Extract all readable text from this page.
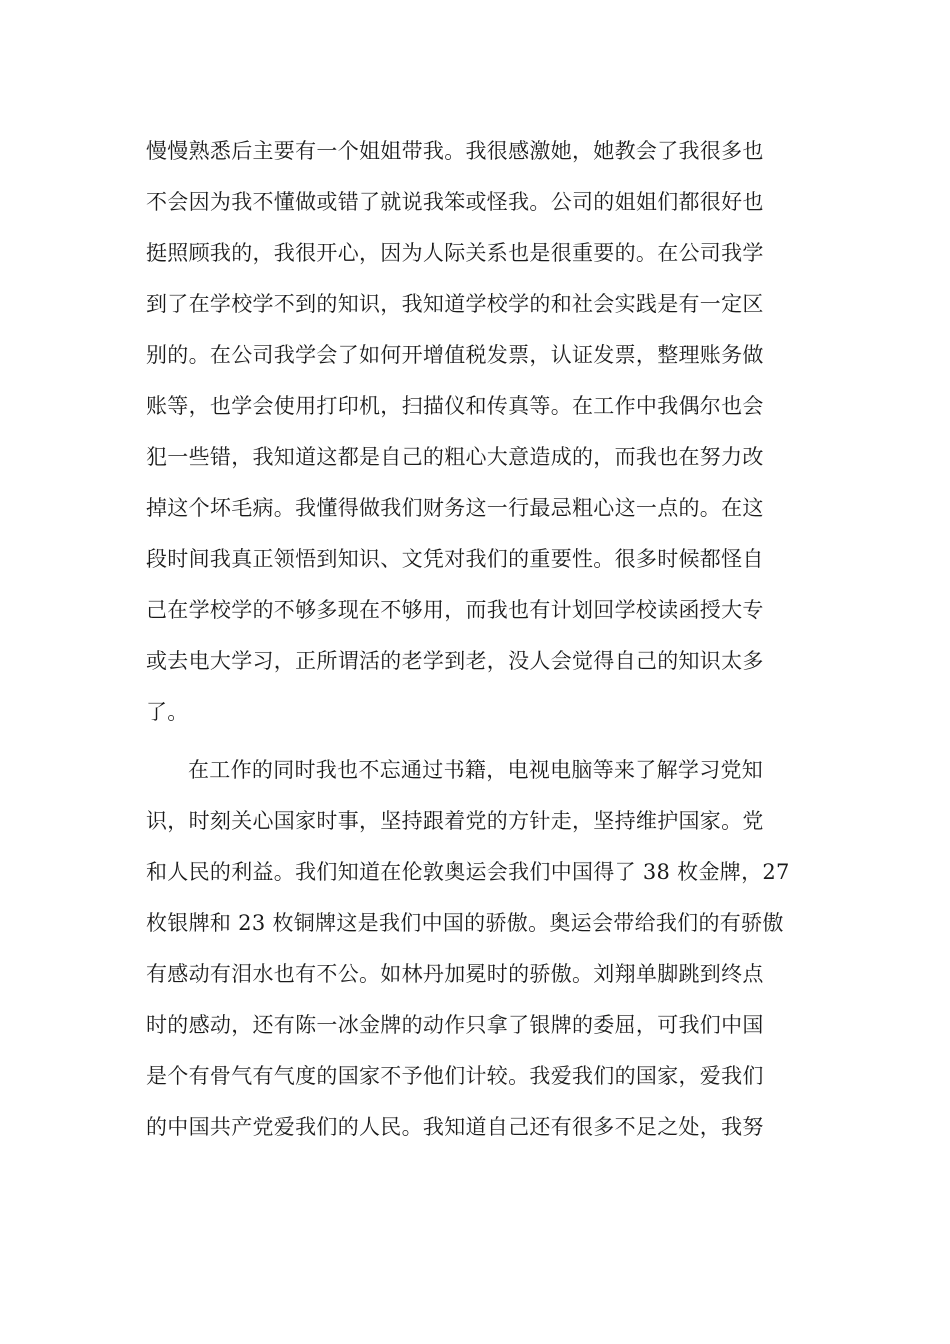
慢慢熟悉后主要有一个姐姐带我。我很感激她，她教会了我很多也
不会因为我不懂做或错了就说我笨或怪我。公司的姐姐们都很好也
挺照顾我的，我很开心，因为人际关系也是很重要的。在公司我学
到了在学校学不到的知识，我知道学校学的和社会实践是有一定区
别的。在公司我学会了如何开增值税发票，认证发票，整理账务做
账等，也学会使用打印机，扫描仪和传真等。在工作中我偶尔也会
犯一些错，我知道这都是自己的粗心大意造成的，而我也在努力改
掉这个坏毛病。我懂得做我们财务这一行最忌粗心这一点的。在这
段时间我真正领悟到知识、文凭对我们的重要性。很多时候都怪自
己在学校学的不够多现在不够用，而我也有计划回学校读函授大专
或去电大学习，正所谓活的老学到老，没人会觉得自己的知识太多
了。
在工作的同时我也不忘通过书籍，电视电脑等来了解学习党知
识，时刻关心国家时事，坚持跟着党的方针走，坚持维护国家。党
和人民的利益。我们知道在伦敦奥运会我们中国得了 38 枚金牌，27
枚银牌和 23 枚铜牌这是我们中国的骄傲。奥运会带给我们的有骄傲
有感动有泪水也有不公。如林丹加冕时的骄傲。刘翔单脚跳到终点
时的感动，还有陈一冰金牌的动作只拿了银牌的委屈，可我们中国
是个有骨气有气度的国家不予他们计较。我爱我们的国家，爱我们
的中国共产党爱我们的人民。我知道自己还有很多不足之处，我努
